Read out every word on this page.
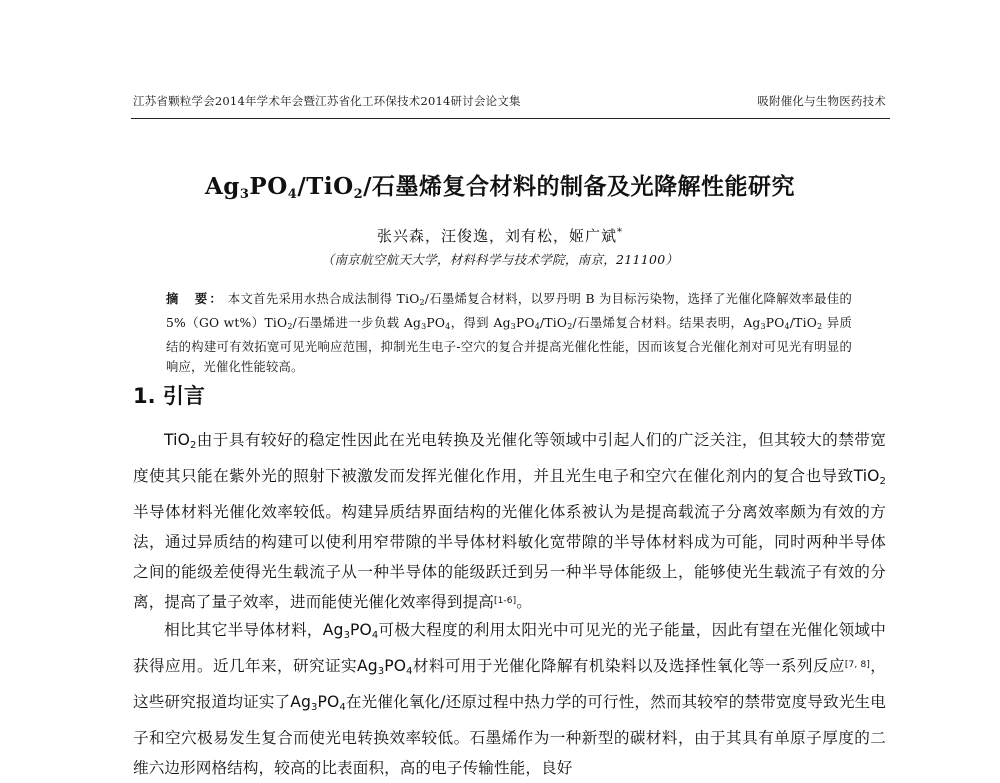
江苏省颗粒学会2014年学术年会暨江苏省化工环保技术2014研讨会论文集	吸附催化与生物医药技术
$Ag_3PO_4/TiO_2/$石墨烯复合材料的制备及光降解性能研究
张兴森，汪俊逸，刘有松，姬广斌*
（南京航空航天大学，材料科学与技术学院，南京，211100）
摘　要： 本文首先采用水热合成法制得 TiO$_2$/石墨烯复合材料，以罗丹明 B 为目标污染物，选择了光催化降解效率最佳的 5%（GO wt%）TiO$_2$/石墨烯进一步负载 $Ag_3PO_4$，得到 $Ag_3PO_4/TiO_2/$石墨烯复合材料。结果表明，$Ag_3PO_4/TiO_2$ 异质结的构建可有效拓宽可见光响应范围，抑制光生电子-空穴的复合并提高光催化性能，因而该复合光催化剂对可见光有明显的响应，光催化性能较高。
1. 引言
TiO$_2$由于具有较好的稳定性因此在光电转换及光催化等领域中引起人们的广泛关注，但其较大的禁带宽度使其只能在紫外光的照射下被激发而发挥光催化作用，并且光生电子和空穴在催化剂内的复合也导致TiO$_2$半导体材料光催化效率较低。构建异质结界面结构的光催化体系被认为是提高载流子分离效率颇为有效的方法，通过异质结的构建可以使利用窄带隙的半导体材料敏化宽带隙的半导体材料成为可能，同时两种半导体之间的能级差使得光生载流子从一种半导体的能级跃迁到另一种半导体能级上，能够使光生载流子有效的分离，提高了量子效率，进而能使光催化效率得到提高[1-6]。
相比其它半导体材料，$Ag_3PO_4$可极大程度的利用太阳光中可见光的光子能量，因此有望在光催化领域中获得应用。近几年来，研究证实$Ag_3PO_4$材料可用于光催化降解有机染料以及选择性氧化等一系列反应[7, 8]，这些研究报道均证实了$Ag_3PO_4$在光催化氧化/还原过程中热力学的可行性，然而其较窄的禁带宽度导致光生电子和空穴极易发生复合而使光电转换效率较低。石墨烯作为一种新型的碳材料，由于其具有单原子厚度的二维六边形网格结构，较高的比表面积，高的电子传输性能，良好
